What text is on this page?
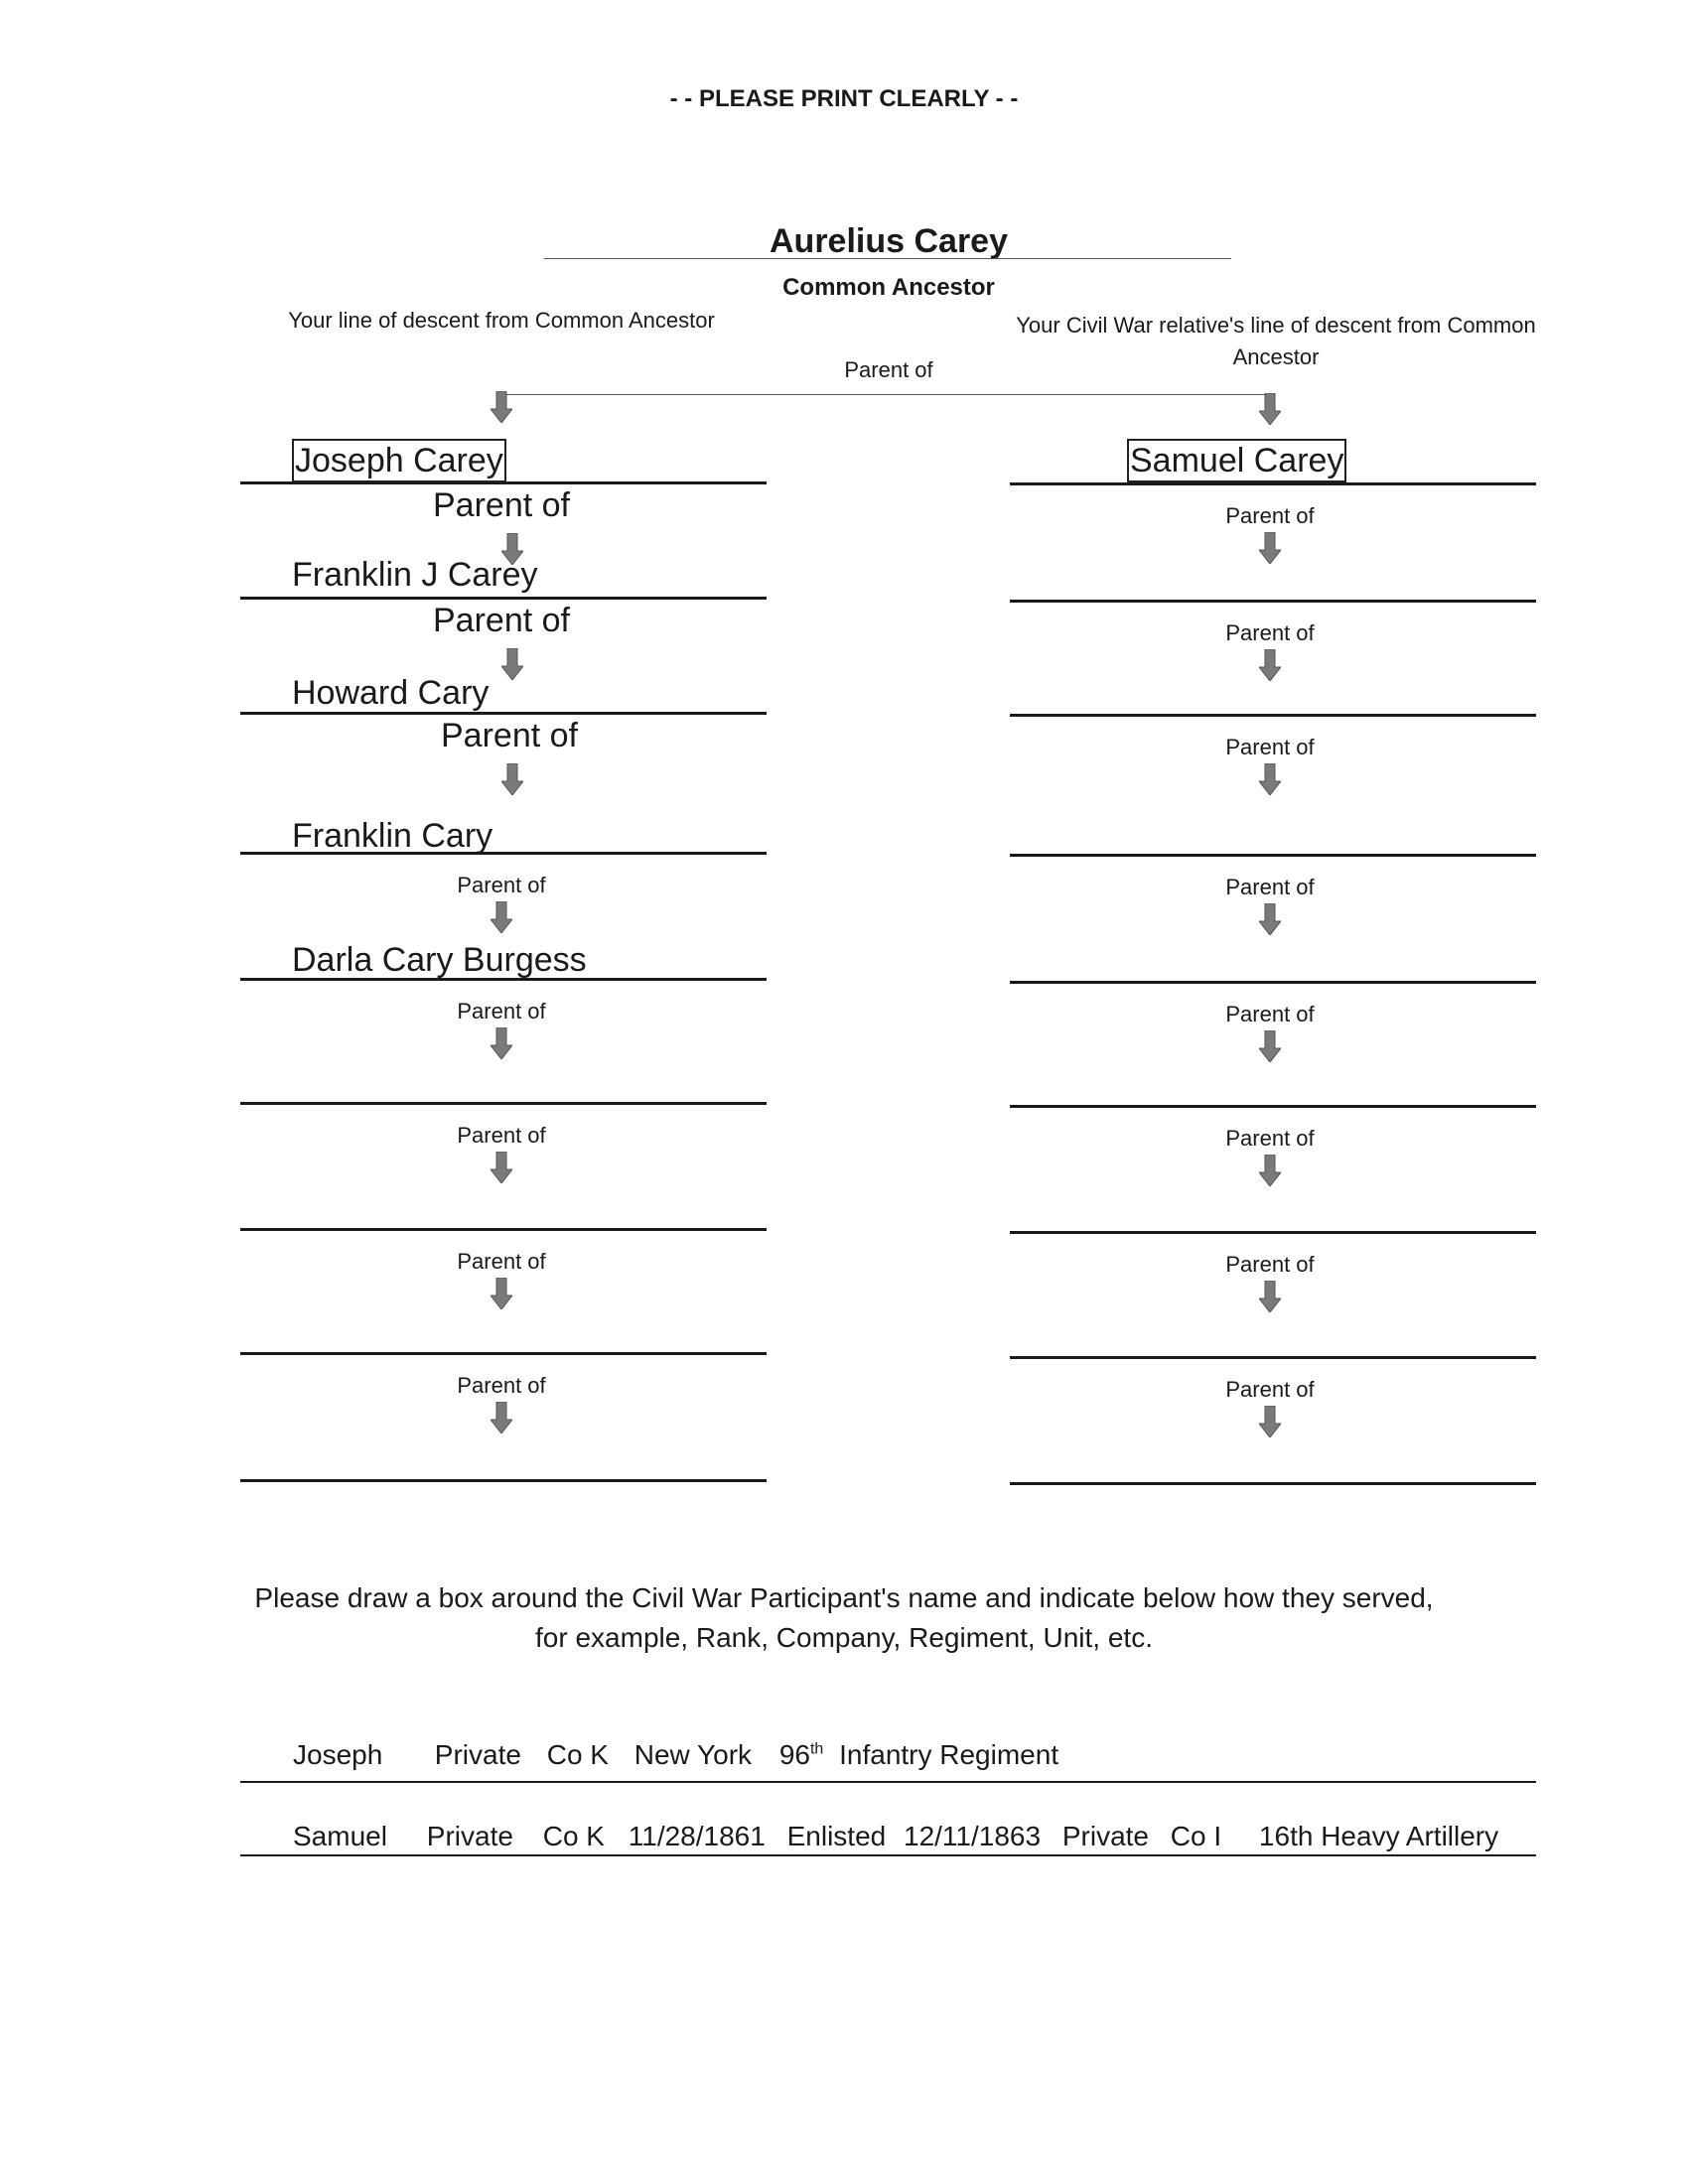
- - PLEASE PRINT CLEARLY - -
Aurelius Carey
Common Ancestor
Your line of descent from Common Ancestor	Your Civil War relative's line of descent from Common Ancestor
Parent of
Joseph Carey
Parent of
Franklin J Carey
Parent of
Howard Cary
Parent of
Franklin Cary
Parent of
Darla Cary Burgess
Parent of
Parent of
Parent of
Parent of
Samuel Carey
Parent of
Parent of
Parent of
Parent of
Parent of
Parent of
Parent of
Parent of
Please draw a box around the Civil War Participant's name and indicate below how they served,
for example, Rank, Company, Regiment, Unit, etc.
Joseph Private Co K New York 96th Infantry Regiment
Samuel Private Co K 11/28/1861 Enlisted 12/11/1863 Private Co I 16th Heavy Artillery
